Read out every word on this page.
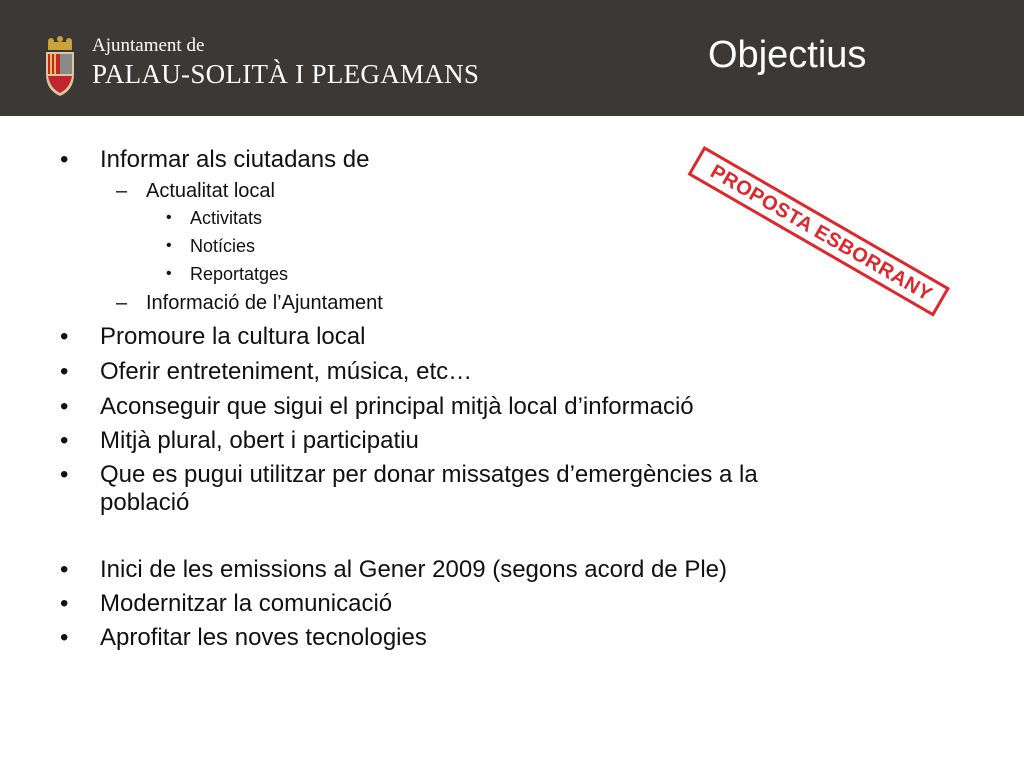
Ajuntament de
PALAU-SOLITÀ I PLEGAMANS	Objectius
PROPOSTA ESBORRANY
• Informar als ciutadans de
– Actualitat local
• Activitats
• Notícies
• Reportatges
– Informació de l’Ajuntament
• Promoure la cultura local
• Oferir entreteniment, música, etc…
• Aconseguir que sigui el principal mitjà local d’informació
• Mitjà plural, obert i participatiu
• Que es pugui utilitzar per donar missatges d’emergències a la
població
• Inici de les emissions al Gener 2009 (segons acord de Ple)
• Modernitzar la comunicació
• Aprofitar les noves tecnologies
